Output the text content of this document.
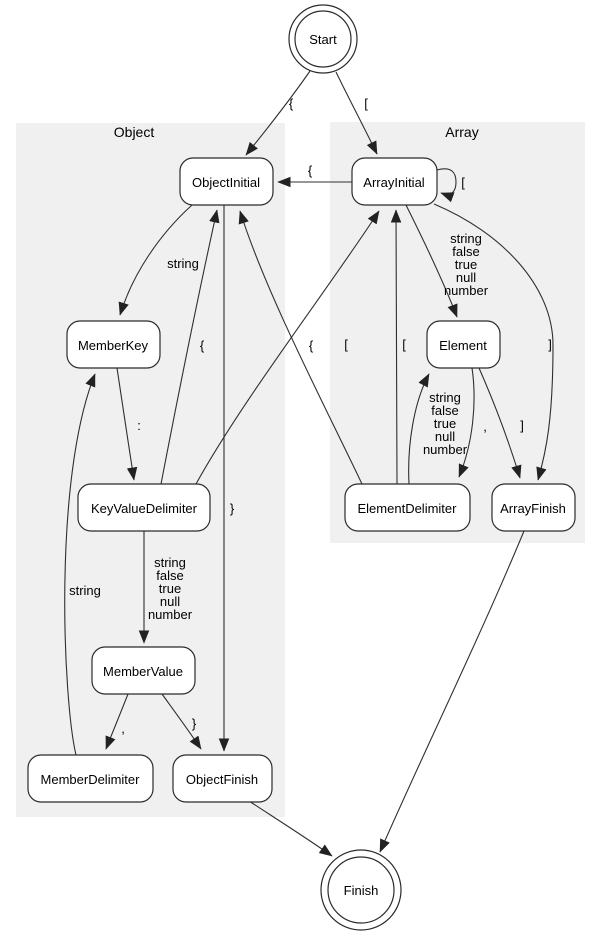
Object	Array
{	[
{
string
[
string
false
true
null
number
{	{ [	[	]
:	,	]
string
false
true
null
number
}
string
string
false
true
null
number
,	}
Start
ObjectInitial	ArrayInitial
MemberKey	Element
KeyValueDelimiter	ElementDelimiter	ArrayFinish
MemberValue
MemberDelimiter	ObjectFinish
Finish
